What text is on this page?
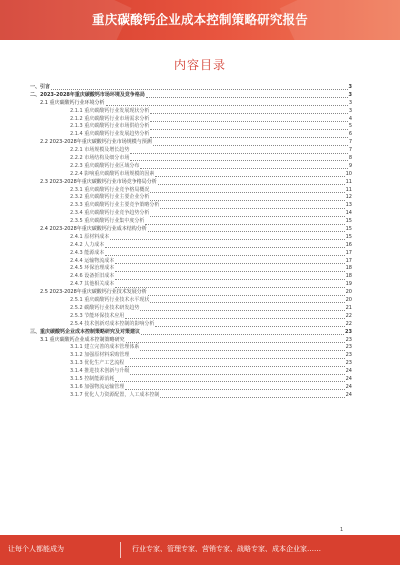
重庆碳酸钙企业成本控制策略研究报告
内容目录
一、引言	3
二、2023-2028年重庆碳酸钙市场环境及竞争格局	3
2.1 重庆碳酸钙行业环境分析	3
2.1.1 重庆碳酸钙行业发展现状分析	3
2.1.2 重庆碳酸钙行业市场需求分析	4
2.1.3 重庆碳酸钙行业市场供给分析	5
2.1.4 重庆碳酸钙行业发展趋势分析	6
2.2 2023-2028年重庆碳酸钙行业市场规模与预测	7
2.2.1 市场规模及增长趋势	7
2.2.2 市场结构及细分市场	8
2.2.3 重庆碳酸钙行业区域分布	9
2.2.4 影响重庆碳酸钙市场规模的因素	10
2.3 2023-2028年重庆碳酸钙行业市场竞争格局分析	11
2.3.1 重庆碳酸钙行业竞争格局概况	11
2.3.2 重庆碳酸钙行业主要企业分析	12
2.3.3 重庆碳酸钙行业主要竞争策略分析	13
2.3.4 重庆碳酸钙行业竞争趋势分析	14
2.3.5 重庆碳酸钙行业集中度分析	15
2.4 2023-2028年重庆碳酸钙行业成本结构分析	15
2.4.1 原材料成本	15
2.4.2 人力成本	16
2.4.3 能源成本	17
2.4.4 运输物流成本	17
2.4.5 环保治理成本	18
2.4.6 设备折旧成本	18
2.4.7 其他相关成本	19
2.5 2023-2028年重庆碳酸钙行业技术发展分析	20
2.5.1 重庆碳酸钙行业技术水平现状	20
2.5.2 碳酸钙行业技术研发趋势	21
2.5.3 节能环保技术应用	22
2.5.4 技术创新对成本控制的影响分析	22
三、重庆碳酸钙企业成本控制策略研究及对策建议	23
3.1 重庆碳酸钙企业成本控制策略研究	23
3.1.1 建立完善的成本管理体系	23
3.1.2 加强原材料采购管理	23
3.1.3 优化生产工艺流程	23
3.1.4 推进技术创新与升级	24
3.1.5 控制能源消耗	24
3.1.6 加强物流运输管理	24
3.1.7 优化人力资源配置，人工成本控制	24
1
让每个人都能成为	行业专家、管理专家、营销专家、战略专家、成本企业家……
